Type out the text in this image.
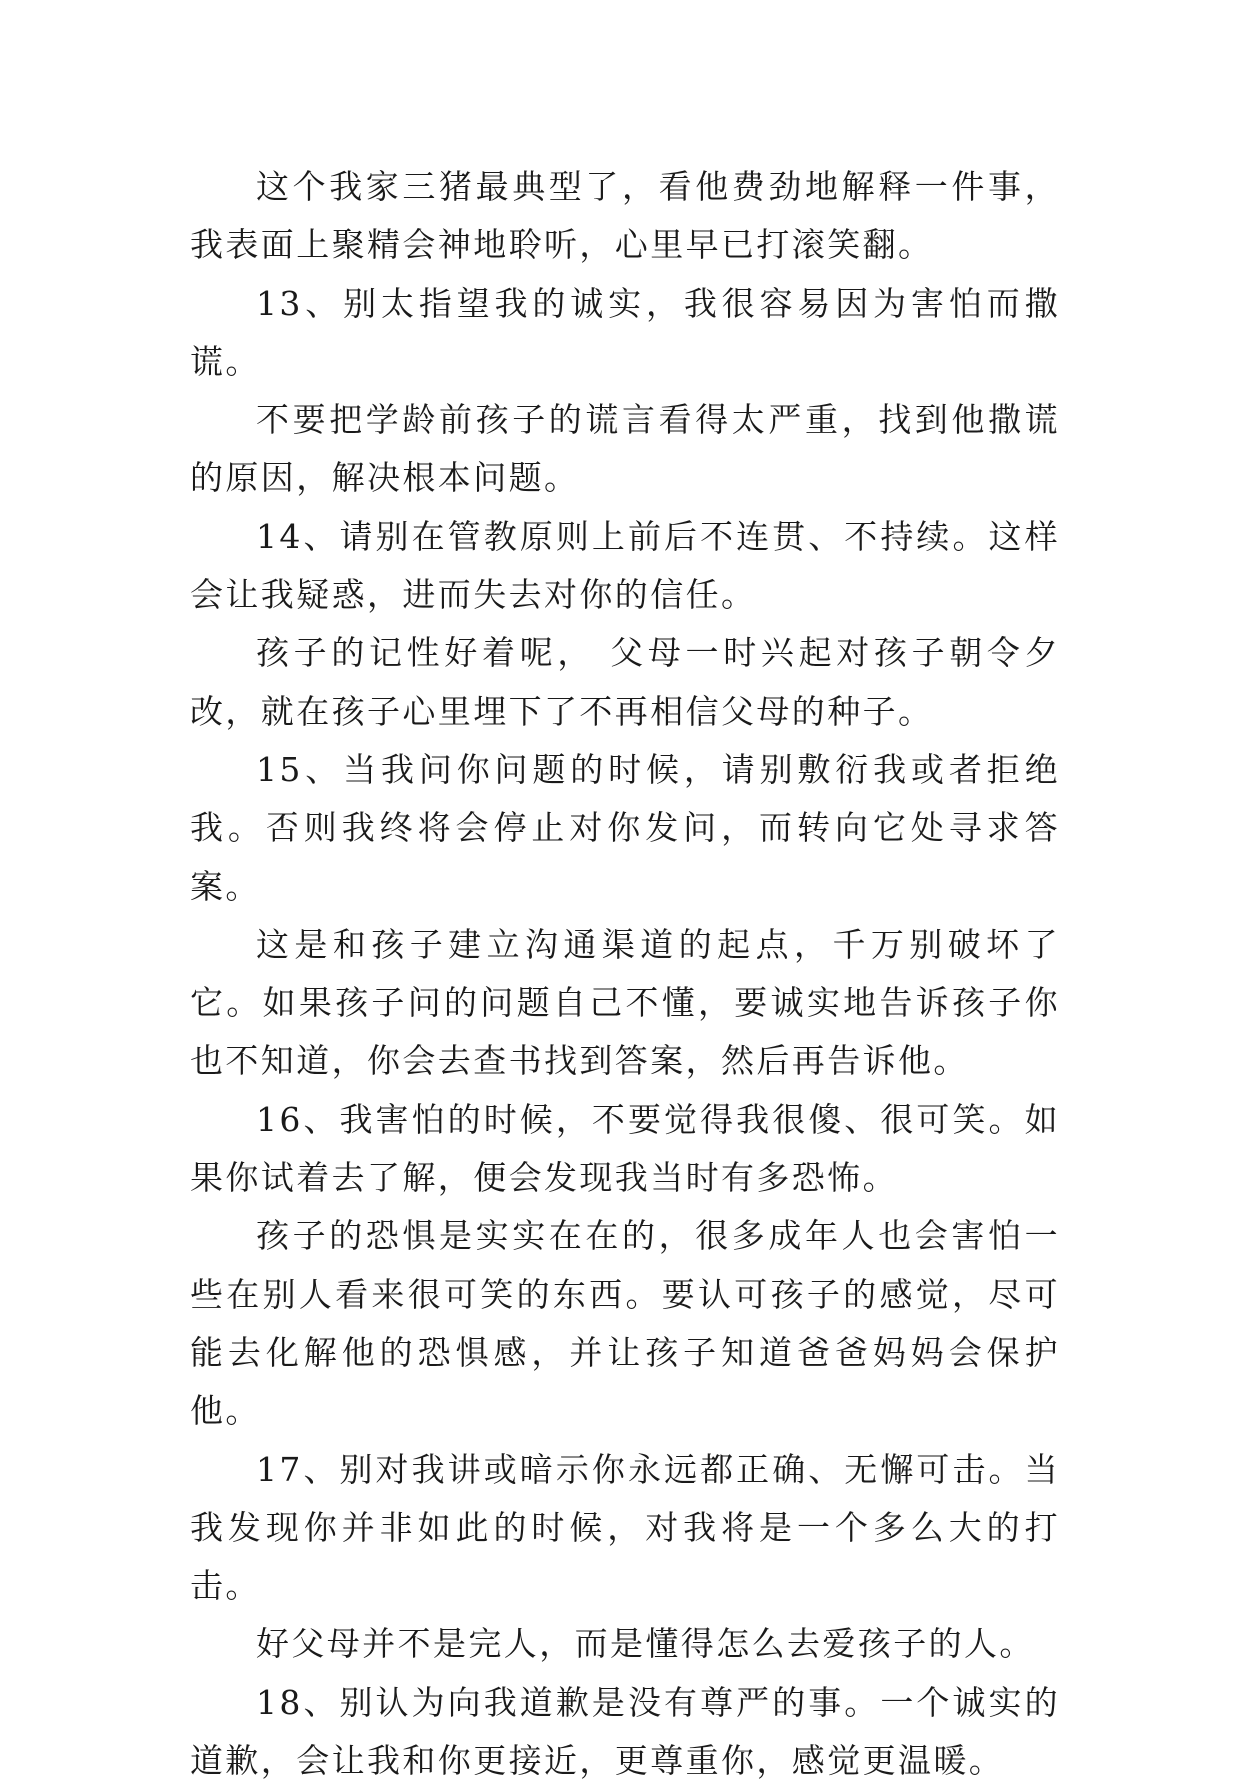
这个我家三猪最典型了，看他费劲地解释一件事，我表面上聚精会神地聆听，心里早已打滚笑翻。

13、别太指望我的诚实，我很容易因为害怕而撒谎。

不要把学龄前孩子的谎言看得太严重，找到他撒谎的原因，解决根本问题。

14、请别在管教原则上前后不连贯、不持续。这样会让我疑惑，进而失去对你的信任。

孩子的记性好着呢， 父母一时兴起对孩子朝令夕改，就在孩子心里埋下了不再相信父母的种子。

15、当我问你问题的时候，请别敷衍我或者拒绝我。否则我终将会停止对你发问，而转向它处寻求答案。

这是和孩子建立沟通渠道的起点，千万别破坏了它。如果孩子问的问题自己不懂，要诚实地告诉孩子你也不知道，你会去查书找到答案，然后再告诉他。

16、我害怕的时候，不要觉得我很傻、很可笑。如果你试着去了解，便会发现我当时有多恐怖。

孩子的恐惧是实实在在的，很多成年人也会害怕一些在别人看来很可笑的东西。要认可孩子的感觉，尽可能去化解他的恐惧感，并让孩子知道爸爸妈妈会保护他。

17、别对我讲或暗示你永远都正确、无懈可击。当我发现你并非如此的时候，对我将是一个多么大的打击。

好父母并不是完人，而是懂得怎么去爱孩子的人。

18、别认为向我道歉是没有尊严的事。一个诚实的道歉，会让我和你更接近，更尊重你，感觉更温暖。
